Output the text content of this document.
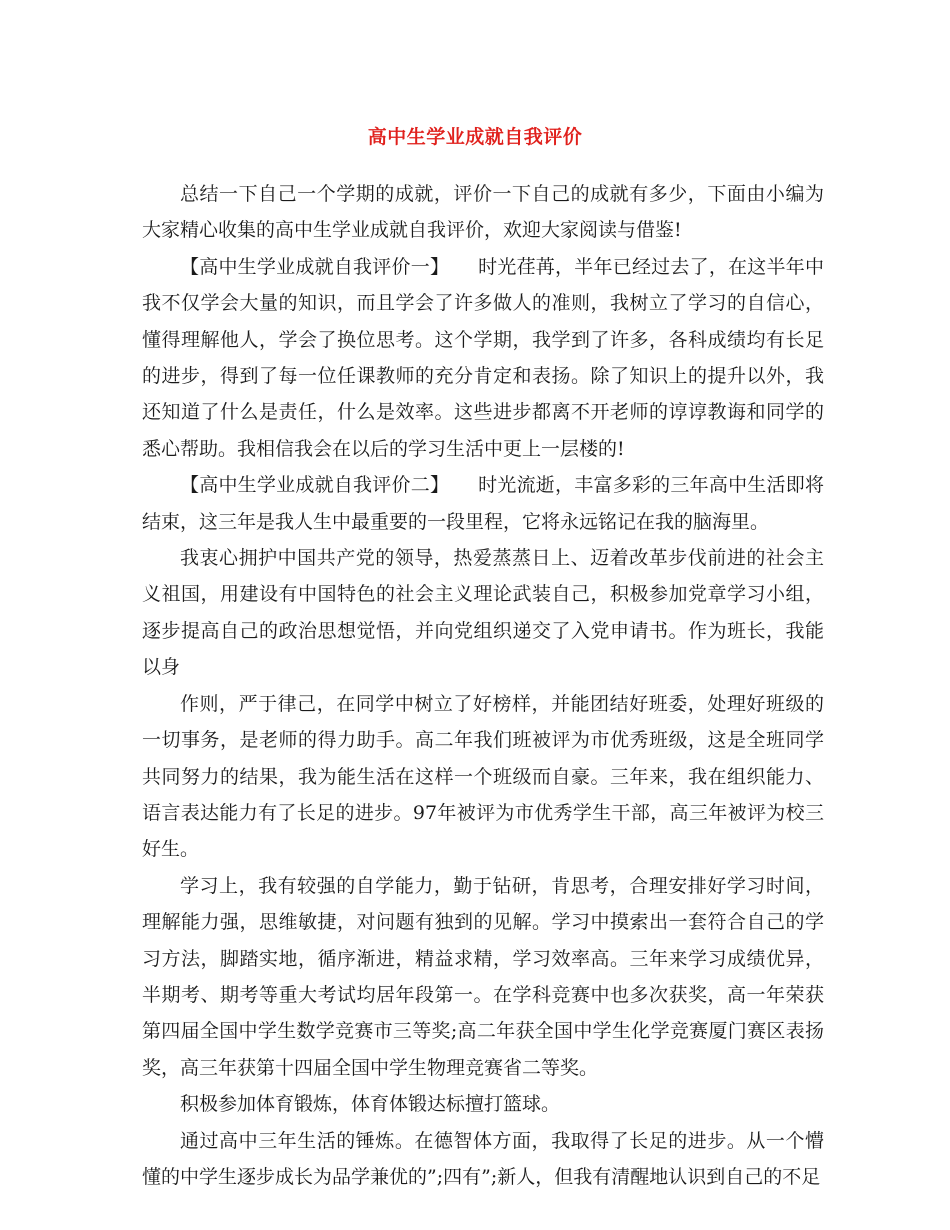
高中生学业成就自我评价

总结一下自己一个学期的成就，评价一下自己的成就有多少，下面由小编为大家精心收集的高中生学业成就自我评价，欢迎大家阅读与借鉴!

【高中生学业成就自我评价一】　　时光荏苒，半年已经过去了，在这半年中我不仅学会大量的知识，而且学会了许多做人的准则，我树立了学习的自信心，懂得理解他人，学会了换位思考。这个学期，我学到了许多，各科成绩均有长足的进步，得到了每一位任课教师的充分肯定和表扬。除了知识上的提升以外，我还知道了什么是责任，什么是效率。这些进步都离不开老师的谆谆教诲和同学的悉心帮助。我相信我会在以后的学习生活中更上一层楼的!

【高中生学业成就自我评价二】　　时光流逝，丰富多彩的三年高中生活即将结束，这三年是我人生中最重要的一段里程，它将永远铭记在我的脑海里。

我衷心拥护中国共产党的领导，热爱蒸蒸日上、迈着改革步伐前进的社会主义祖国，用建设有中国特色的社会主义理论武装自己，积极参加党章学习小组，逐步提高自己的政治思想觉悟，并向党组织递交了入党申请书。作为班长，我能以身

作则，严于律己，在同学中树立了好榜样，并能团结好班委，处理好班级的一切事务，是老师的得力助手。高二年我们班被评为市优秀班级，这是全班同学共同努力的结果，我为能生活在这样一个班级而自豪。三年来，我在组织能力、语言表达能力有了长足的进步。97年被评为市优秀学生干部，高三年被评为校三好生。

学习上，我有较强的自学能力，勤于钻研，肯思考，合理安排好学习时间，理解能力强，思维敏捷，对问题有独到的见解。学习中摸索出一套符合自己的学习方法，脚踏实地，循序渐进，精益求精，学习效率高。三年来学习成绩优异，半期考、期考等重大考试均居年段第一。在学科竞赛中也多次获奖，高一年荣获第四届全国中学生数学竞赛市三等奖;高二年获全国中学生化学竞赛厦门赛区表扬奖，高三年获第十四届全国中学生物理竞赛省二等奖。

积极参加体育锻炼，体育体锻达标擅打篮球。

通过高中三年生活的锤炼。在德智体方面，我取得了长足的进步。从一个懵懂的中学生逐步成长为品学兼优的”;四有”;新人，但我有清醒地认识到自己的不足
